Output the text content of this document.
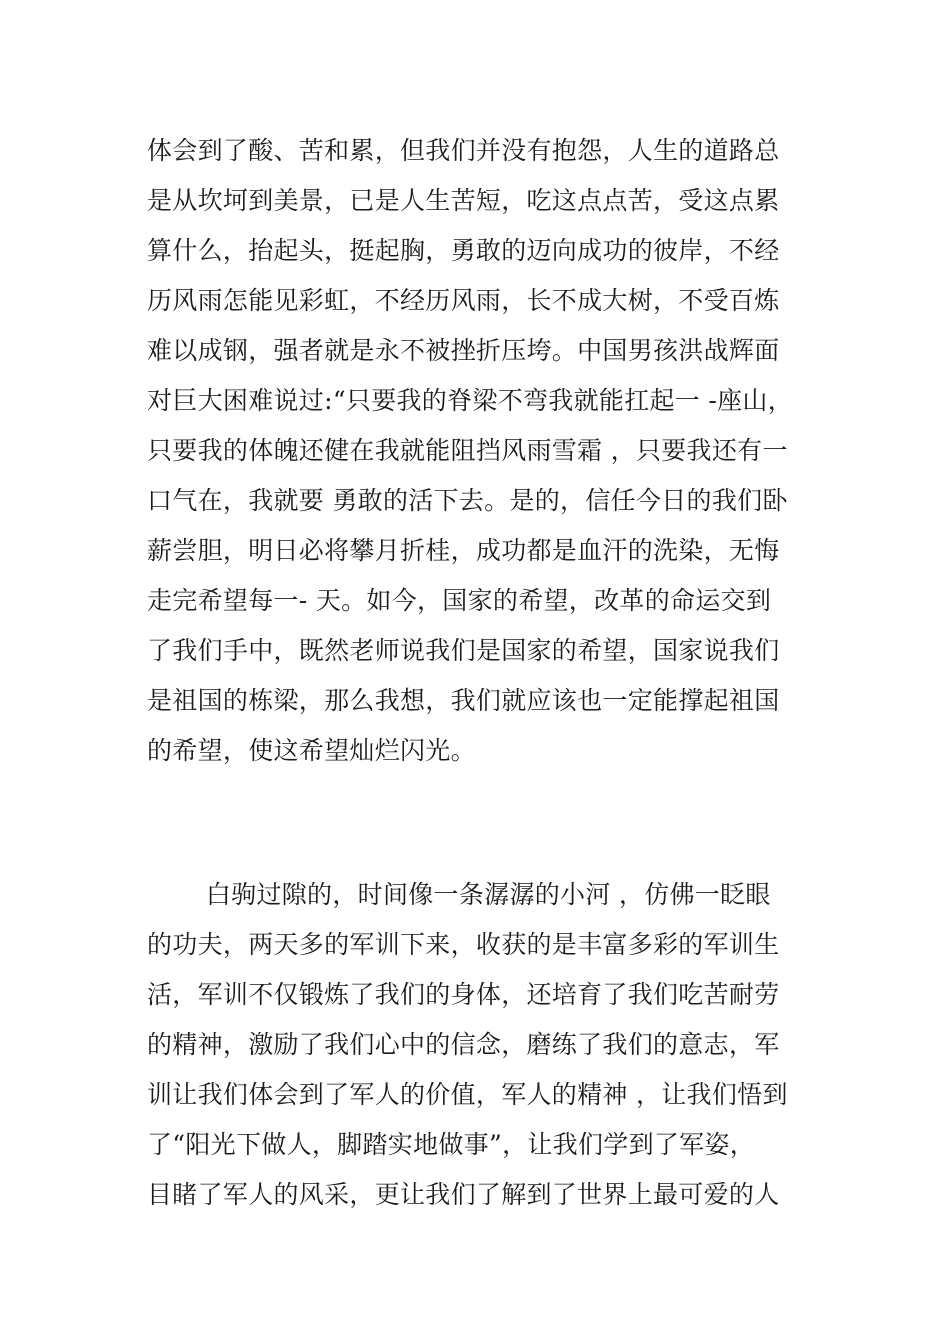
体会到了酸、苦和累，但我们并没有抱怨，人生的道路总
是从坎坷到美景，已是人生苦短，吃这点点苦，受这点累
算什么，抬起头，挺起胸，勇敢的迈向成功的彼岸，不经
历风雨怎能见彩虹，不经历风雨，长不成大树，不受百炼
难以成钢，强者就是永不被挫折压垮。中国男孩洪战辉面
对巨大困难说过:“只要我的脊梁不弯我就能扛起一 -座山，
只要我的体魄还健在我就能阻挡风雨雪霜 ，只要我还有一
口气在，我就要 勇敢的活下去。是的，信任今日的我们卧
薪尝胆，明日必将攀月折桂，成功都是血汗的洗染，无悔
走完希望每一- 天。如今，国家的希望，改革的命运交到
了我们手中，既然老师说我们是国家的希望，国家说我们
是祖国的栋梁，那么我想，我们就应该也一定能撑起祖国
的希望，使这希望灿烂闪光。
　　 白驹过隙的，时间像一条潺潺的小河 ，仿佛一眨眼
的功夫，两天多的军训下来，收获的是丰富多彩的军训生
活，军训不仅锻炼了我们的身体，还培育了我们吃苦耐劳
的精神，激励了我们心中的信念，磨练了我们的意志，军
训让我们体会到了军人的价值，军人的精神 ，让我们悟到
了“阳光下做人，脚踏实地做事”，让我们学到了军姿，
目睹了军人的风采，更让我们了解到了世界上最可爱的人
